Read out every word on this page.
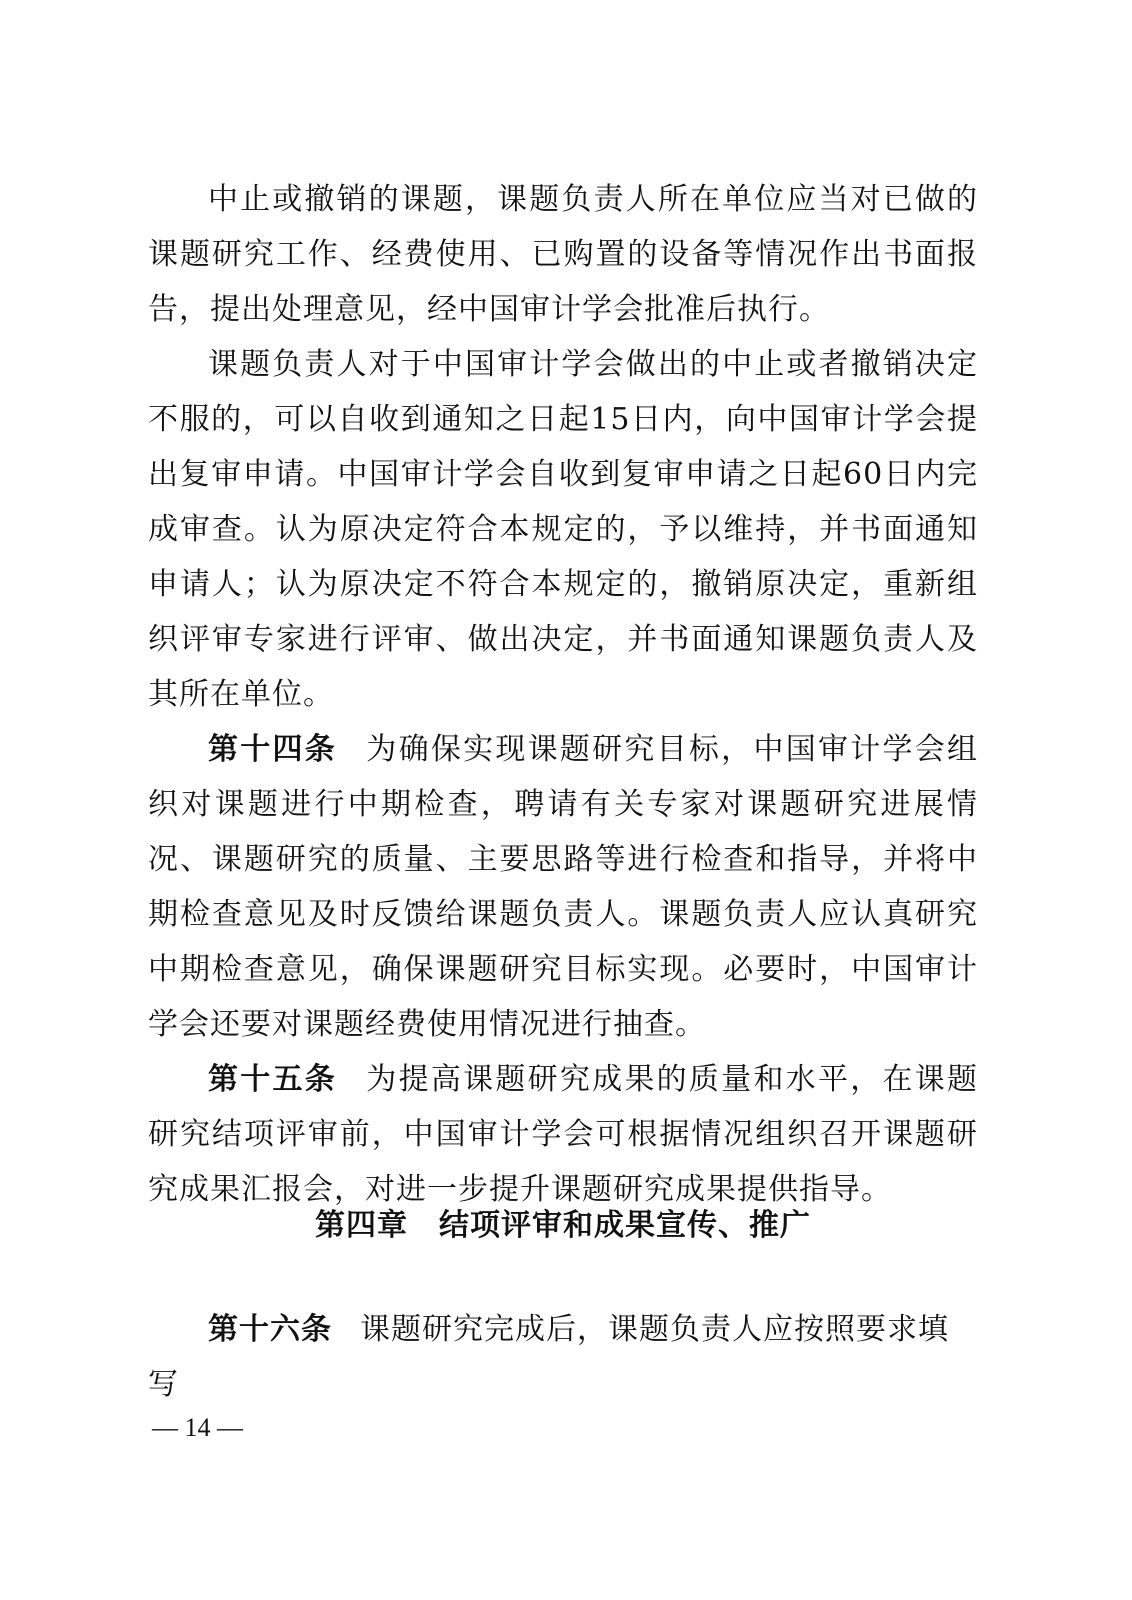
中止或撤销的课题，课题负责人所在单位应当对已做的课题研究工作、经费使用、已购置的设备等情况作出书面报告，提出处理意见，经中国审计学会批准后执行。

课题负责人对于中国审计学会做出的中止或者撤销决定不服的，可以自收到通知之日起15日内，向中国审计学会提出复审申请。中国审计学会自收到复审申请之日起60日内完成审查。认为原决定符合本规定的，予以维持，并书面通知申请人；认为原决定不符合本规定的，撤销原决定，重新组织评审专家进行评审、做出决定，并书面通知课题负责人及其所在单位。

第十四条 为确保实现课题研究目标，中国审计学会组织对课题进行中期检查，聘请有关专家对课题研究进展情况、课题研究的质量、主要思路等进行检查和指导，并将中期检查意见及时反馈给课题负责人。课题负责人应认真研究中期检查意见，确保课题研究目标实现。必要时，中国审计学会还要对课题经费使用情况进行抽查。

第十五条 为提高课题研究成果的质量和水平，在课题研究结项评审前，中国审计学会可根据情况组织召开课题研究成果汇报会，对进一步提升课题研究成果提供指导。

第四章　结项评审和成果宣传、推广

第十六条 课题研究完成后，课题负责人应按照要求填写

— 14 —
